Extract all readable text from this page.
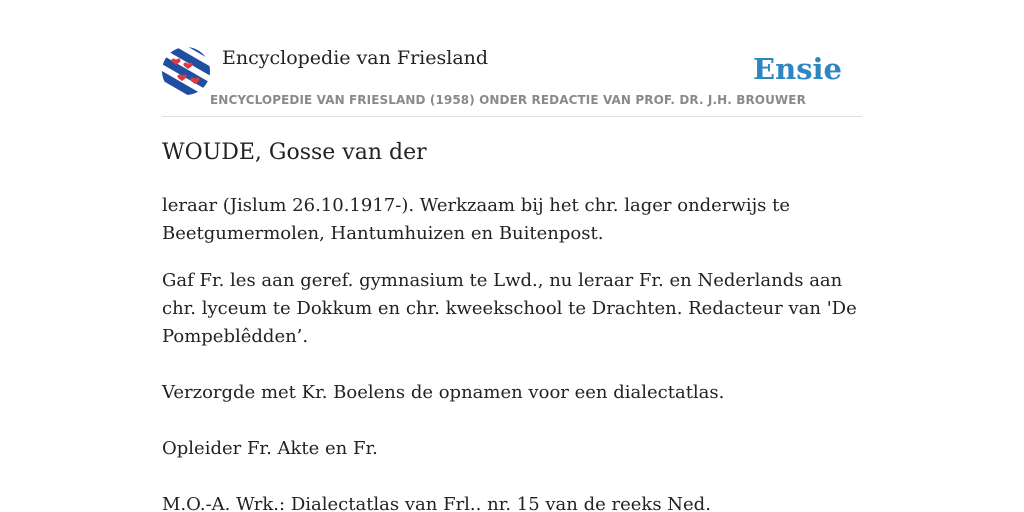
Encyclopedie van Friesland	Ensie
ENCYCLOPEDIE VAN FRIESLAND (1958) ONDER REDACTIE VAN PROF. DR. J.H. BROUWER
WOUDE, Gosse van der

leraar (Jislum 26.10.1917-). Werkzaam bij het chr. lager onderwijs te Beetgumermolen, Hantumhuizen en Buitenpost.

Gaf Fr. les aan geref. gymnasium te Lwd., nu leraar Fr. en Nederlands aan chr. lyceum te Dokkum en chr. kweekschool te Drachten. Redacteur van 'De Pompeblêdden’.

Verzorgde met Kr. Boelens de opnamen voor een dialectatlas.

Opleider Fr. Akte en Fr.

M.O.-A. Wrk.: Dialectatlas van Frl.. nr. 15 van de reeks Ned.
